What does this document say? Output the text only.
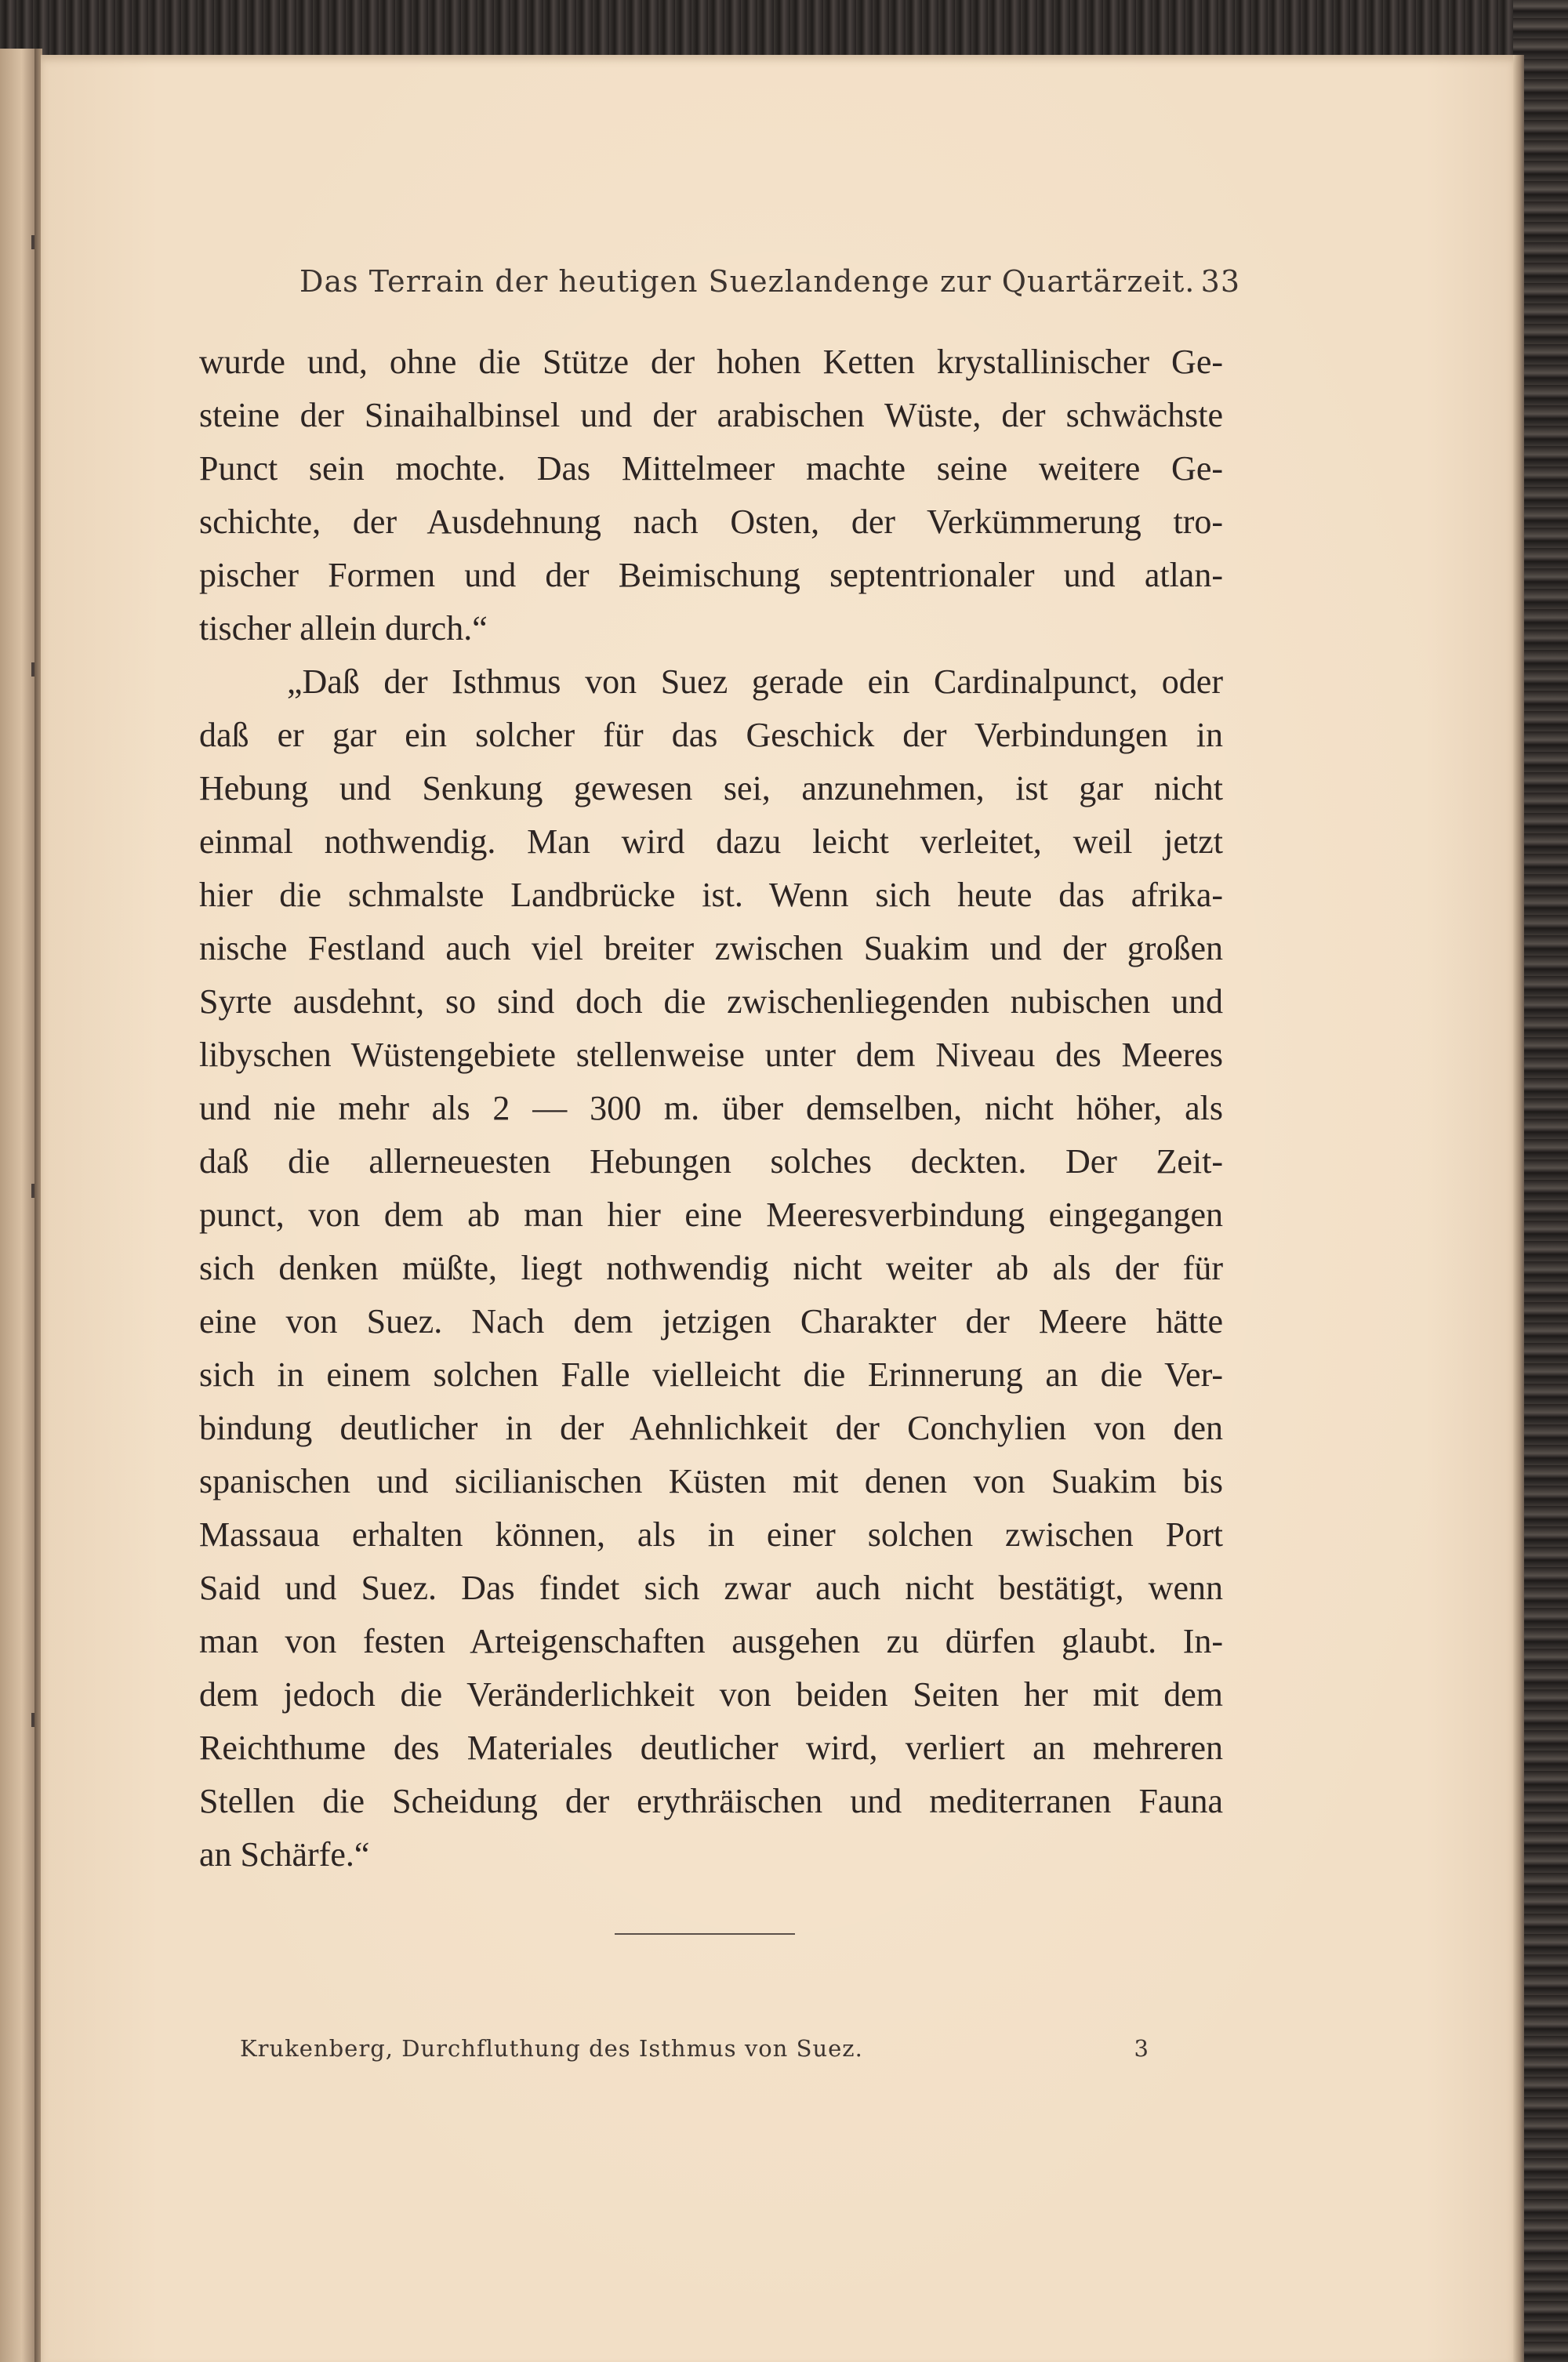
Das Terrain der heutigen Suezlandenge zur Quartärzeit. 33
wurde und, ohne die Stütze der hohen Ketten krystallinischer Ge-
steine der Sinaihalbinsel und der arabischen Wüste, der schwächste
Punct sein mochte. Das Mittelmeer machte seine weitere Ge-
schichte, der Ausdehnung nach Osten, der Verkümmerung tro-
pischer Formen und der Beimischung septentrionaler und atlan-
tischer allein durch.“
„Daß der Isthmus von Suez gerade ein Cardinalpunct, oder
daß er gar ein solcher für das Geschick der Verbindungen in
Hebung und Senkung gewesen sei, anzunehmen, ist gar nicht
einmal nothwendig. Man wird dazu leicht verleitet, weil jetzt
hier die schmalste Landbrücke ist. Wenn sich heute das afrika-
nische Festland auch viel breiter zwischen Suakim und der großen
Syrte ausdehnt, so sind doch die zwischenliegenden nubischen und
libyschen Wüstengebiete stellenweise unter dem Niveau des Meeres
und nie mehr als 2 — 300 m. über demselben, nicht höher, als
daß die allerneuesten Hebungen solches deckten. Der Zeit-
punct, von dem ab man hier eine Meeresverbindung eingegangen
sich denken müßte, liegt nothwendig nicht weiter ab als der für
eine von Suez. Nach dem jetzigen Charakter der Meere hätte
sich in einem solchen Falle vielleicht die Erinnerung an die Ver-
bindung deutlicher in der Aehnlichkeit der Conchylien von den
spanischen und sicilianischen Küsten mit denen von Suakim bis
Massaua erhalten können, als in einer solchen zwischen Port
Said und Suez. Das findet sich zwar auch nicht bestätigt, wenn
man von festen Arteigenschaften ausgehen zu dürfen glaubt. In-
dem jedoch die Veränderlichkeit von beiden Seiten her mit dem
Reichthume des Materiales deutlicher wird, verliert an mehreren
Stellen die Scheidung der erythräischen und mediterranen Fauna
an Schärfe.“
Krukenberg, Durchfluthung des Isthmus von Suez.	3
